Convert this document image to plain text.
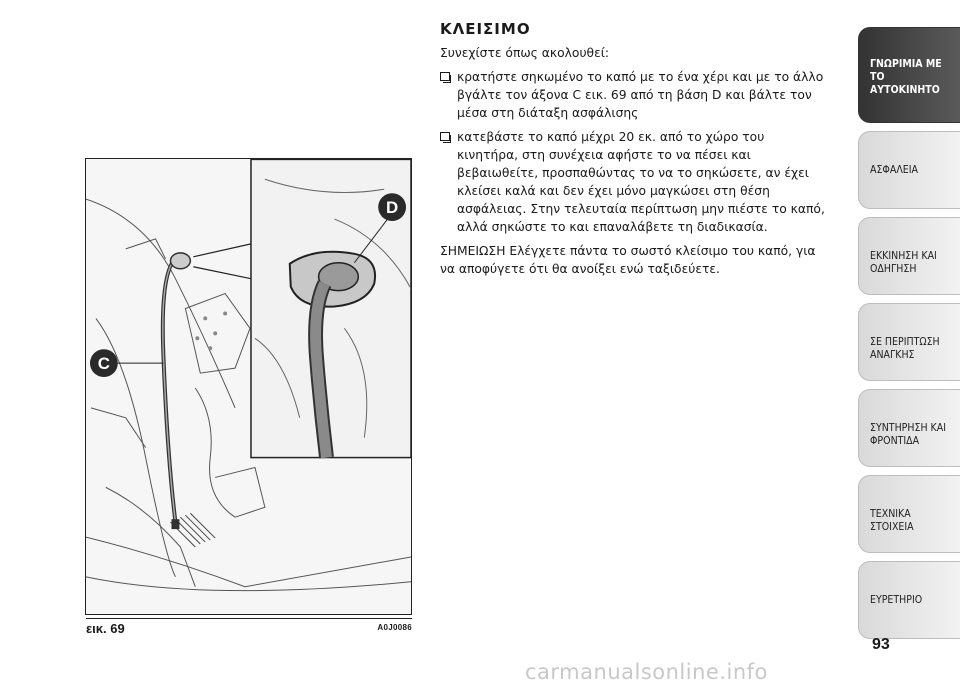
D
C
εικ. 69	A0J0086
ΚΛΕΙΣΙΜΟ

Συνεχίστε όπως ακολουθεί:

κρατήστε σηκωμένο το καπό με το ένα χέρι και με το άλλο βγάλτε τον άξονα C εικ. 69 από τη βάση D και βάλτε τον μέσα στη διάταξη ασφάλισης
κατεβάστε το καπό μέχρι 20 εκ. από το χώρο του κινητήρα, στη συνέχεια αφήστε το να πέσει και βεβαιωθείτε, προσπαθώντας το να το σηκώσετε, αν έχει κλείσει καλά και δεν έχει μόνο μαγκώσει στη θέση ασφάλειας. Στην τελευταία περίπτωση μην πιέστε το καπό, αλλά σηκώστε το και επαναλάβετε τη διαδικασία.

ΣΗΜΕΙΩΣΗ Ελέγχετε πάντα το σωστό κλείσιμο του καπό, για να αποφύγετε ότι θα ανοίξει ενώ ταξιδεύετε.

ΓΝΩΡΙΜΙΑ ΜΕ ΤΟ ΑΥΤΟΚΙΝΗΤΟ
ΑΣΦΑΛΕΙΑ
ΕΚΚΙΝΗΣΗ ΚΑΙ ΟΔΗΓΗΣΗ
ΣΕ ΠΕΡΙΠΤΩΣΗ ΑΝΑΓΚΗΣ
ΣΥΝΤΗΡΗΣΗ ΚΑΙ ΦΡΟΝΤΙΔΑ
ΤΕΧΝΙΚΑ ΣΤΟΙΧΕΙΑ
ΕΥΡΕΤΗΡΙΟ
93
carmanualsonline.info
